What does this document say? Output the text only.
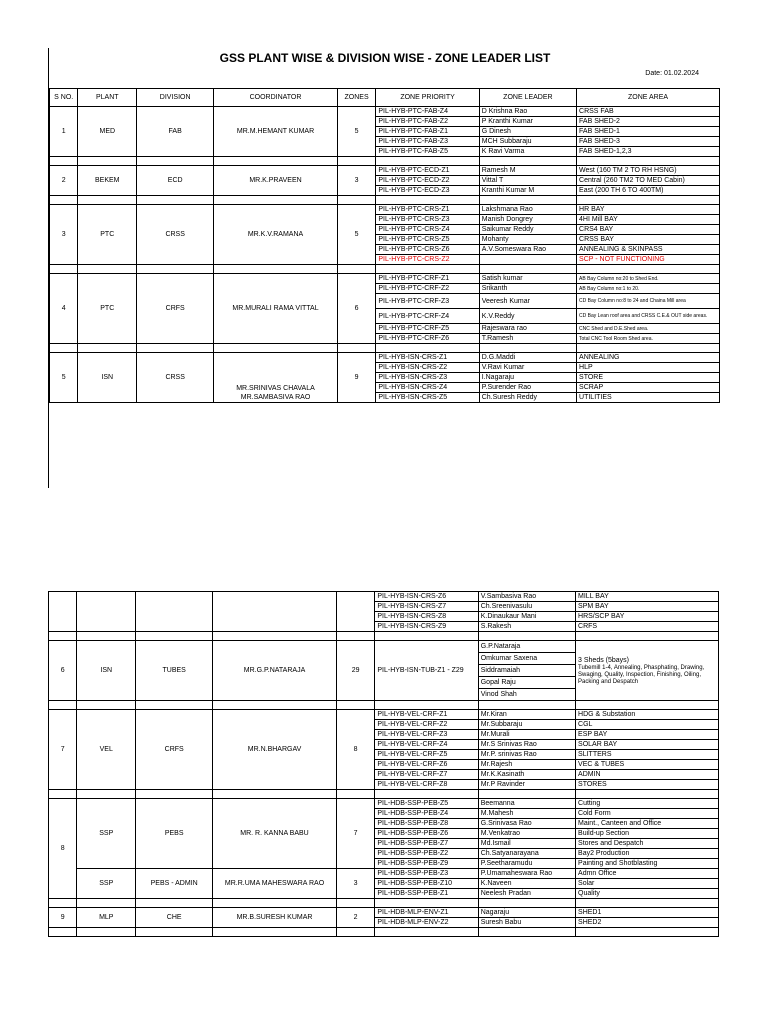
GSS PLANT WISE & DIVISION WISE - ZONE LEADER LIST
Date: 01.02.2024
S NO.	PLANT	DIVISION	COORDINATOR	ZONES	ZONE PRIORITY	ZONE LEADER	ZONE AREA
1	MED	FAB	MR.M.HEMANT KUMAR	5	PIL-HYB-PTC-FAB-Z4	D Krishna Rao	CRSS FAB
					PIL-HYB-PTC-FAB-Z2	P Kranthi Kumar	FAB SHED-2
					PIL-HYB-PTC-FAB-Z1	G Dinesh	FAB SHED-1
					PIL-HYB-PTC-FAB-Z3	MCH Subbaraju	FAB SHED-3
					PIL-HYB-PTC-FAB-Z5	K Ravi Varma	FAB SHED-1,2,3

2	BEKEM	ECD	MR.K.PRAVEEN	3	PIL-HYB-PTC-ECD-Z1	Ramesh M	West (160 TM 2 TO RH HSNG)
					PIL-HYB-PTC-ECD-Z2	Vittal T	Central (260 TM2 TO MED Cabin)
					PIL-HYB-PTC-ECD-Z3	Kranthi Kumar M	East (200 TH 6 TO 400TM)

3	PTC	CRSS	MR.K.V.RAMANA	5	PIL-HYB-PTC-CRS-Z1	Lakshmana Rao	HR BAY
					PIL-HYB-PTC-CRS-Z3	Manish Dongrey	4HI Mill BAY
					PIL-HYB-PTC-CRS-Z4	Saikumar Reddy	CRS4 BAY
					PIL-HYB-PTC-CRS-Z5	Mohanty	CRSS BAY
					PIL-HYB-PTC-CRS-Z6	A.V.Someswara Rao	ANNEALING & SKINPASS
					PIL-HYB-PTC-CRS-Z2		SCP - NOT FUNCTIONING

4	PTC	CRFS	MR.MURALI RAMA VITTAL	6	PIL-HYB-PTC-CRF-Z1	Satish kumar	AB Bay Column no:20 to Shed End.
					PIL-HYB-PTC-CRF-Z2	Srikanth	AB Bay Column no:1 to 20.
					PIL-HYB-PTC-CRF-Z3	Veeresh Kumar	CD Bay Column no:8 to 24 and Chaina Mill area
					PIL-HYB-PTC-CRF-Z4	K.V.Reddy	CD Bay Lean roof area and CRSS C.E.& OUT side areas.
					PIL-HYB-PTC-CRF-Z5	Rajeswara rao	CNC Shed and D.E.Shed area.
					PIL-HYB-PTC-CRF-Z6	T.Ramesh	Total CNC Tool Room Shed area.

5	ISN	CRSS	MR.SRINIVAS CHAVALA
MR.SAMBASIVA RAO	9	PIL-HYB-ISN-CRS-Z1	D.G.Maddi	ANNEALING
					PIL-HYB-ISN-CRS-Z2	V.Ravi Kumar	HLP
					PIL-HYB-ISN-CRS-Z3	I.Nagaraju	STORE
					PIL-HYB-ISN-CRS-Z4	P.Surender Rao	SCRAP
					PIL-HYB-ISN-CRS-Z5	Ch.Suresh Reddy	UTILITIES
					PIL-HYB-ISN-CRS-Z6	V.Sambasiva Rao	MILL BAY
					PIL-HYB-ISN-CRS-Z7	Ch.Sreenivasulu	SPM BAY
					PIL-HYB-ISN-CRS-Z8	K.Dinaukaur Mani	HRS/SCP BAY
					PIL-HYB-ISN-CRS-Z9	S.Rakesh	CRFS

6	ISN	TUBES	MR.G.P.NATARAJA	29	PIL-HYB-ISN-TUB-Z1 - Z29	G.P.Nataraja	3 Sheds (5bays)
Tubemill 1-4, Annealing, Phasphating, Drawing, Swaging, Quality, Inspection, Finishing, Oiling, Packing and Despatch

						Omkumar Saxena	
						Siddramaiah	
						Gopal Raju	
						Vinod Shah	

7	VEL	CRFS	MR.N.BHARGAV	8	PIL-HYB-VEL-CRF-Z1	Mr.Kiran	HDG & Substation
					PIL-HYB-VEL-CRF-Z2	Mr.Subbaraju	CGL
					PIL-HYB-VEL-CRF-Z3	Mr.Murali	ESP BAY
					PIL-HYB-VEL-CRF-Z4	Mr.S Srinivas Rao	SOLAR BAY
					PIL-HYB-VEL-CRF-Z5	Mr.P. srinivas Rao	SLITTERS
					PIL-HYB-VEL-CRF-Z6	Mr.Rajesh	VEC & TUBES
					PIL-HYB-VEL-CRF-Z7	Mr.K.Kasinath	ADMIN
					PIL-HYB-VEL-CRF-Z8	Mr.P Ravinder	STORES

8	SSP	PEBS	MR. R. KANNA BABU	7	PIL-HDB-SSP-PEB-Z5	Beemanna	Cutting
					PIL-HDB-SSP-PEB-Z4	M.Mahesh	Cold Form
					PIL-HDB-SSP-PEB-Z8	G.Srinivasa Rao	Maint., Canteen and Office
					PIL-HDB-SSP-PEB-Z6	M.Venkatrao	Build-up Section
					PIL-HDB-SSP-PEB-Z7	Md.Ismail	Stores and Despatch
					PIL-HDB-SSP-PEB-Z2	Ch.Satyanarayana	Bay2 Production
					PIL-HDB-SSP-PEB-Z9	P.Seetharamudu	Painting and Shotblasting
	SSP	PEBS - ADMIN	MR.R.UMA MAHESWARA RAO	3	PIL-HDB-SSP-PEB-Z3	P.Umamaheswara Rao	Admn Office
					PIL-HDB-SSP-PEB-Z10	K.Naveen	Solar
					PIL-HDB-SSP-PEB-Z1	Neelesh Pradan	Quality

9	MLP	CHE	MR.B.SURESH KUMAR	2	PIL-HDB-MLP-ENV-Z1	Nagaraju	SHED1
					PIL-HDB-MLP-ENV-Z2	Suresh Babu	SHED2
